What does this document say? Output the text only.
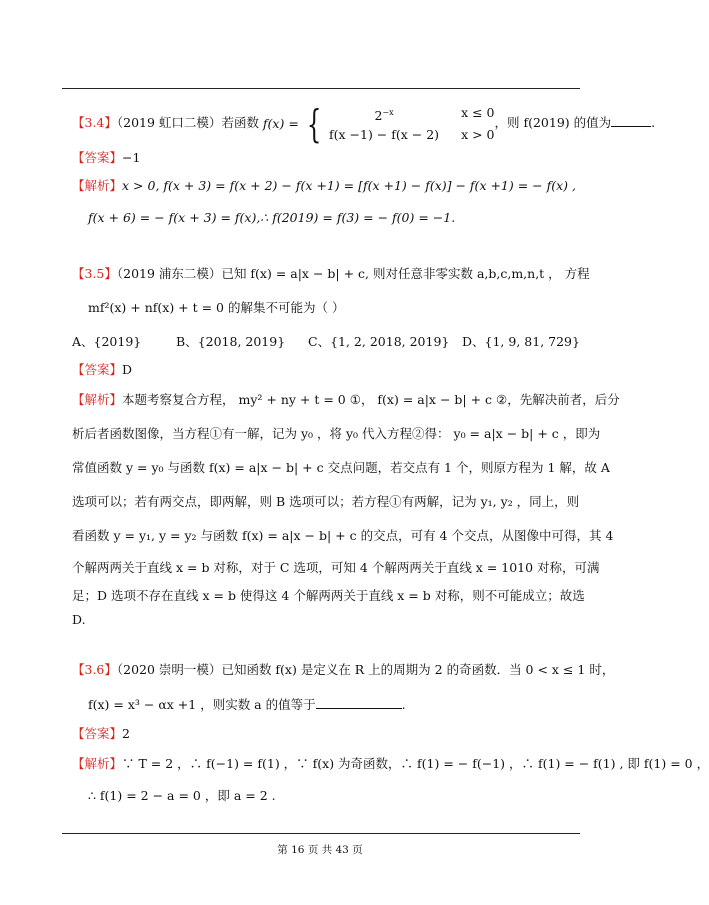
【3.4】（2019 虹口二模）若函数 f(x) = {	$2^{-x}$	x ≤ 0
f(x −1) − f(x − 2) x > 0
，则 f(2019) 的值为	.
【答案】−1
【解析】x > 0, f(x + 3) = f(x + 2) − f(x +1) = [f(x +1) − f(x)] − f(x +1) = − f(x) ,
f(x + 6) = − f(x + 3) = f(x),∴ f(2019) = f(3) = − f(0) = −1.
【3.5】（2019 浦东二模）已知 f(x) = a|x − b| + c, 则对任意非零实数 a,b,c,m,n,t ， 方程
mf²(x) + nf(x) + t = 0 的解集不可能为（ ）
A、{2019}	B、{2018, 2019} C、{1, 2, 2018, 2019} D、{1, 9, 81, 729}
【答案】D
【解析】本题考察复合方程， my² + ny + t = 0 ①， f(x) = a|x − b| + c ②，先解决前者，后分
析后者函数图像，当方程①有一解，记为 y₀ ，将 y₀ 代入方程②得： y₀ = a|x − b| + c ，即为
常值函数 y = y₀ 与函数 f(x) = a|x − b| + c 交点问题，若交点有 1 个，则原方程为 1 解，故 A
选项可以；若有两交点，即两解，则 B 选项可以；若方程①有两解，记为 y₁, y₂ ，同上，则
看函数 y = y₁, y = y₂ 与函数 f(x) = a|x − b| + c 的交点，可有 4 个交点，从图像中可得，其 4
个解两两关于直线 x = b 对称，对于 C 选项，可知 4 个解两两关于直线 x = 1010 对称，可满
足；D 选项不存在直线 x = b 使得这 4 个解两两关于直线 x = b 对称，则不可能成立；故选
D.
【3.6】（2020 崇明一模）已知函数 f(x) 是定义在 R 上的周期为 2 的奇函数．当 0 < x ≤ 1 时，
f(x) = x³ − αx +1 ，则实数 a 的值等于	.
【答案】2
【解析】∵ T = 2 ，∴ f(−1) = f(1) ，∵ f(x) 为奇函数，∴ f(1) = − f(−1) ，∴ f(1) = − f(1) , 即 f(1) = 0 ，
∴ f(1) = 2 − a = 0 ，即 a = 2 .
第 16 页 共 43 页
